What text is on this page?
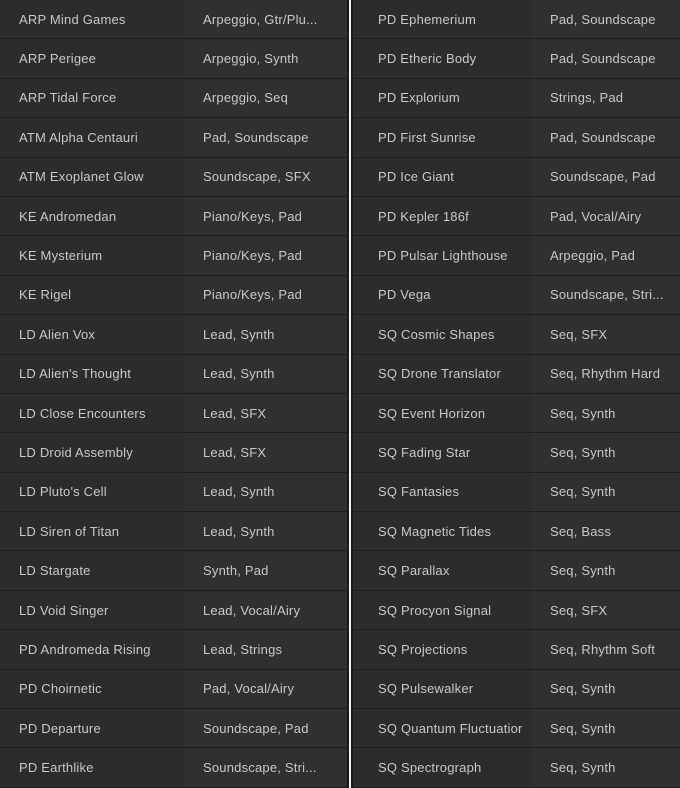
ARP Mind Games	Arpeggio, Gtr/Plu...
ARP Perigee	Arpeggio, Synth
ARP Tidal Force	Arpeggio, Seq
ATM Alpha Centauri	Pad, Soundscape
ATM Exoplanet Glow	Soundscape, SFX
KE Andromedan	Piano/Keys, Pad
KE Mysterium	Piano/Keys, Pad
KE Rigel	Piano/Keys, Pad
LD Alien Vox	Lead, Synth
LD Alien's Thought	Lead, Synth
LD Close Encounters	Lead, SFX
LD Droid Assembly	Lead, SFX
LD Pluto's Cell	Lead, Synth
LD Siren of Titan	Lead, Synth
LD Stargate	Synth, Pad
LD Void Singer	Lead, Vocal/Airy
PD Andromeda Rising	Lead, Strings
PD Choirnetic	Pad, Vocal/Airy
PD Departure	Soundscape, Pad
PD Earthlike	Soundscape, Stri...
PD Ephemerium	Pad, Soundscape
PD Etheric Body	Pad, Soundscape
PD Explorium	Strings, Pad
PD First Sunrise	Pad, Soundscape
PD Ice Giant	Soundscape, Pad
PD Kepler 186f	Pad, Vocal/Airy
PD Pulsar Lighthouse	Arpeggio, Pad
PD Vega	Soundscape, Stri...
SQ Cosmic Shapes	Seq, SFX
SQ Drone Translator	Seq, Rhythm Hard
SQ Event Horizon	Seq, Synth
SQ Fading Star	Seq, Synth
SQ Fantasies	Seq, Synth
SQ Magnetic Tides	Seq, Bass
SQ Parallax	Seq, Synth
SQ Procyon Signal	Seq, SFX
SQ Projections	Seq, Rhythm Soft
SQ Pulsewalker	Seq, Synth
SQ Quantum Fluctuatior	Seq, Synth
SQ Spectrograph	Seq, Synth
